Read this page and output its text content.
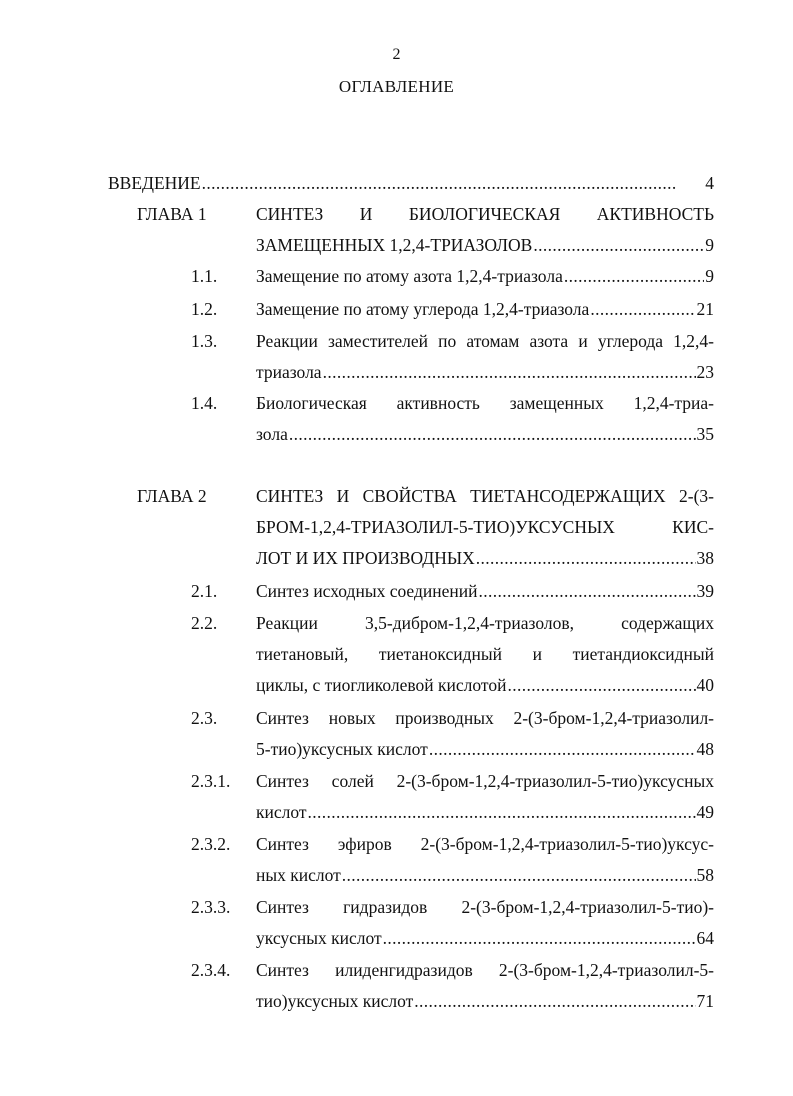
2
ОГЛАВЛЕНИЕ
ВВЕДЕНИЕ . . .	4
ГЛАВА 1	СИНТЕЗ И БИОЛОГИЧЕСКАЯ АКТИВНОСТЬ
ЗАМЕЩЕННЫХ 1,2,4-ТРИАЗОЛОВ . . .	9
1.1. Замещение по атому азота 1,2,4-триазола . . .	9
1.2. Замещение по атому углерода 1,2,4-триазола . . .	21
1.3. Реакции заместителей по атомам азота и углерода 1,2,4-
триазола . . .	23
1.4. Биологическая активность замещенных 1,2,4-триа-
зола . . .	35
ГЛАВА 2	СИНТЕЗ И СВОЙСТВА ТИЕТАНСОДЕРЖАЩИХ 2-(3-
БРОМ-1,2,4-ТРИАЗОЛИЛ-5-ТИО)УКСУСНЫХ КИС-
ЛОТ И ИХ ПРОИЗВОДНЫХ . . .	38
2.1. Синтез исходных соединений . . .	39
2.2. Реакции 3,5-дибром-1,2,4-триазолов, содержащих
тиетановый, тиетаноксидный и тиетандиоксидный
циклы, с тиогликолевой кислотой . . .	40
2.3. Синтез новых производных 2-(3-бром-1,2,4-триазолил-
5-тио)уксусных кислот . . .	48
2.3.1. Синтез солей 2-(3-бром-1,2,4-триазолил-5-тио)уксусных
кислот . . .	49
2.3.2. Синтез эфиров 2-(3-бром-1,2,4-триазолил-5-тио)уксус-
ных кислот . . .	58
2.3.3. Синтез гидразидов 2-(3-бром-1,2,4-триазолил-5-тио)-
уксусных кислот . . .	64
2.3.4. Синтез илиденгидразидов 2-(3-бром-1,2,4-триазолил-5-
тио)уксусных кислот . . .	71
